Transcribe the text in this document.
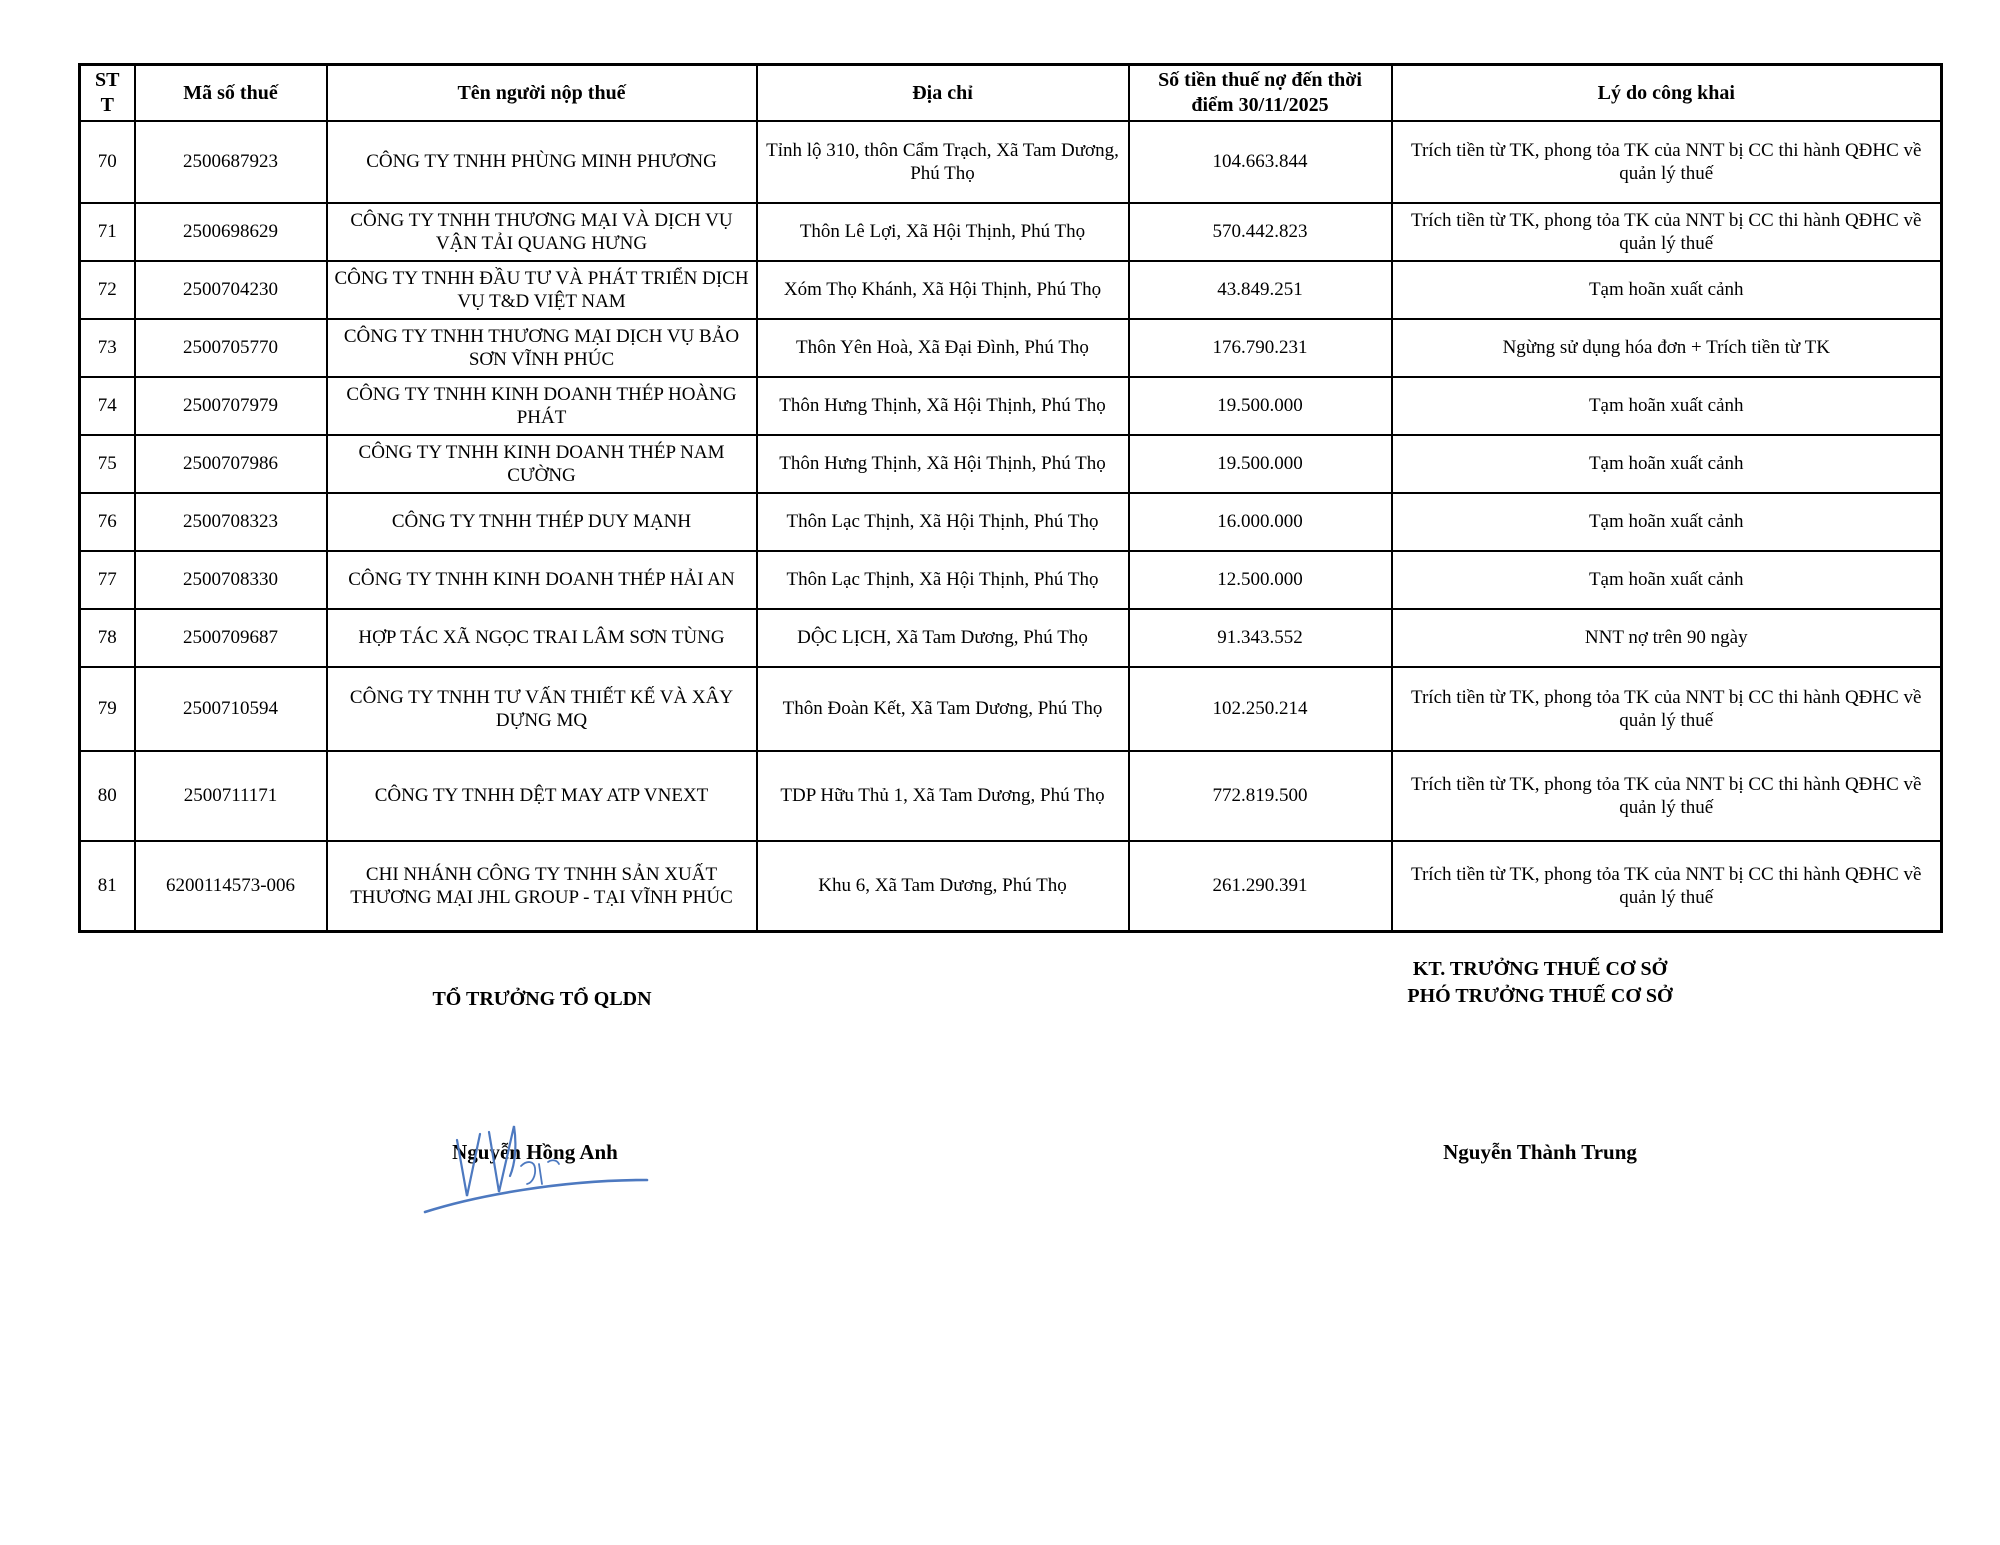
STT	Mã số thuế	Tên người nộp thuế	Địa chỉ	Số tiền thuế nợ đến thời điểm 30/11/2025	Lý do công khai
70	2500687923	CÔNG TY TNHH PHÙNG MINH PHƯƠNG	Tỉnh lộ 310, thôn Cẩm Trạch, Xã Tam Dương, Phú Thọ	104.663.844	Trích tiền từ TK, phong tỏa TK của NNT bị CC thi hành QĐHC về quản lý thuế
71	2500698629	CÔNG TY TNHH THƯƠNG MẠI VÀ DỊCH VỤ VẬN TẢI QUANG HƯNG	Thôn Lê Lợi, Xã Hội Thịnh, Phú Thọ	570.442.823	Trích tiền từ TK, phong tỏa TK của NNT bị CC thi hành QĐHC về quản lý thuế
72	2500704230	CÔNG TY TNHH ĐẦU TƯ VÀ PHÁT TRIỂN DỊCH VỤ T&D VIỆT NAM	Xóm Thọ Khánh, Xã Hội Thịnh, Phú Thọ	43.849.251	Tạm hoãn xuất cảnh
73	2500705770	CÔNG TY TNHH THƯƠNG MẠI DỊCH VỤ BẢO SƠN VĨNH PHÚC	Thôn Yên Hoà, Xã Đại Đình, Phú Thọ	176.790.231	Ngừng sử dụng hóa đơn + Trích tiền từ TK
74	2500707979	CÔNG TY TNHH KINH DOANH THÉP HOÀNG PHÁT	Thôn Hưng Thịnh, Xã Hội Thịnh, Phú Thọ	19.500.000	Tạm hoãn xuất cảnh
75	2500707986	CÔNG TY TNHH KINH DOANH THÉP NAM CƯỜNG	Thôn Hưng Thịnh, Xã Hội Thịnh, Phú Thọ	19.500.000	Tạm hoãn xuất cảnh
76	2500708323	CÔNG TY TNHH THÉP DUY MẠNH	Thôn Lạc Thịnh, Xã Hội Thịnh, Phú Thọ	16.000.000	Tạm hoãn xuất cảnh
77	2500708330	CÔNG TY TNHH KINH DOANH THÉP HẢI AN	Thôn Lạc Thịnh, Xã Hội Thịnh, Phú Thọ	12.500.000	Tạm hoãn xuất cảnh
78	2500709687	HỢP TÁC XÃ NGỌC TRAI LÂM SƠN TÙNG	DỘC LỊCH, Xã Tam Dương, Phú Thọ	91.343.552	NNT nợ trên 90 ngày
79	2500710594	CÔNG TY TNHH TƯ VẤN THIẾT KẾ VÀ XÂY DỰNG MQ	Thôn Đoàn Kết, Xã Tam Dương, Phú Thọ	102.250.214	Trích tiền từ TK, phong tỏa TK của NNT bị CC thi hành QĐHC về quản lý thuế
80	2500711171	CÔNG TY TNHH DỆT MAY ATP VNEXT	TDP Hữu Thủ 1, Xã Tam Dương, Phú Thọ	772.819.500	Trích tiền từ TK, phong tỏa TK của NNT bị CC thi hành QĐHC về quản lý thuế
81	6200114573-006	CHI NHÁNH CÔNG TY TNHH SẢN XUẤT THƯƠNG MẠI JHL GROUP - TẠI VĨNH PHÚC	Khu 6, Xã Tam Dương, Phú Thọ	261.290.391	Trích tiền từ TK, phong tỏa TK của NNT bị CC thi hành QĐHC về quản lý thuế
TỔ TRƯỞNG TỔ QLDN
KT. TRƯỞNG THUẾ CƠ SỞ
PHÓ TRƯỞNG THUẾ CƠ SỞ
Nguyễn Hồng Anh	Nguyễn Thành Trung
